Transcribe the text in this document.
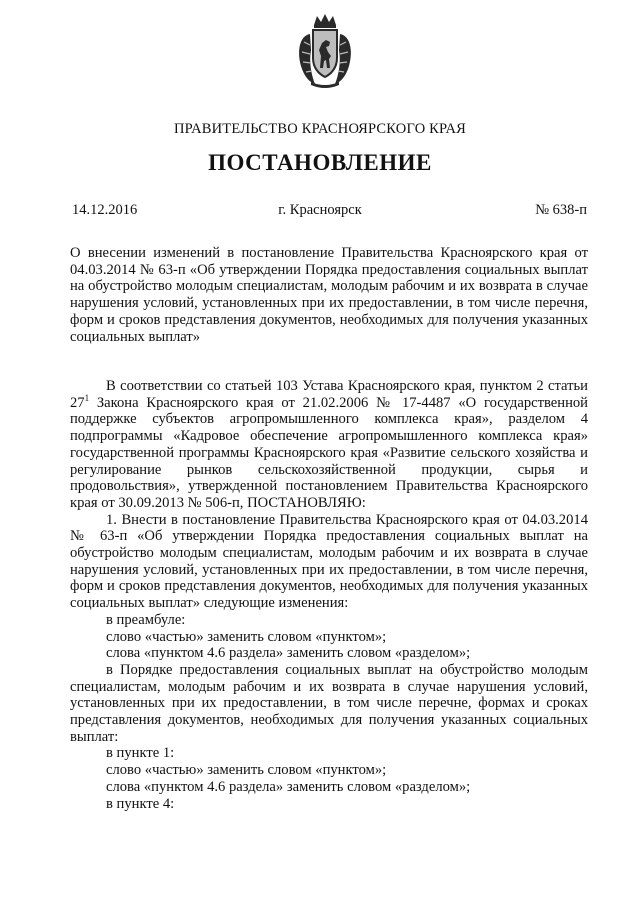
ПРАВИТЕЛЬСТВО КРАСНОЯРСКОГО КРАЯ
ПОСТАНОВЛЕНИЕ
14.12.2016	г. Красноярск	№ 638-п

О внесении изменений в постановление Правительства Красноярского края от 04.03.2014 № 63-п «Об утверждении Порядка предоставления социальных выплат на обустройство молодым специалистам, молодым рабочим и их возврата в случае нарушения условий, установленных при их предоставлении, в том числе перечня, форм и сроков представления документов, необходимых для получения указанных социальных выплат»

В соответствии со статьей 103 Устава Красноярского края, пунктом 2 статьи $27^1$ Закона Красноярского края от 21.02.2006 № 17-4487 «О государственной поддержке субъектов агропромышленного комплекса края», разделом 4 подпрограммы «Кадровое обеспечение агропромышленного комплекса края» государственной программы Красноярского края «Развитие сельского хозяйства и регулирование рынков сельскохозяйственной продукции, сырья и продовольствия», утвержденной постановлением Правительства Красноярского края от 30.09.2013 № 506-п, ПОСТАНОВЛЯЮ:

1. Внести в постановление Правительства Красноярского края от 04.03.2014 № 63-п «Об утверждении Порядка предоставления социальных выплат на обустройство молодым специалистам, молодым рабочим и их возврата в случае нарушения условий, установленных при их предоставлении, в том числе перечня, форм и сроков представления документов, необходимых для получения указанных социальных выплат» следующие изменения:

в преамбуле:

слово «частью» заменить словом «пунктом»;

слова «пунктом 4.6 раздела» заменить словом «разделом»;

в Порядке предоставления социальных выплат на обустройство молодым специалистам, молодым рабочим и их возврата в случае нарушения условий, установленных при их предоставлении, в том числе перечне, формах и сроках представления документов, необходимых для получения указанных социальных выплат:

в пункте 1:

слово «частью» заменить словом «пунктом»;

слова «пунктом 4.6 раздела» заменить словом «разделом»;

в пункте 4:
